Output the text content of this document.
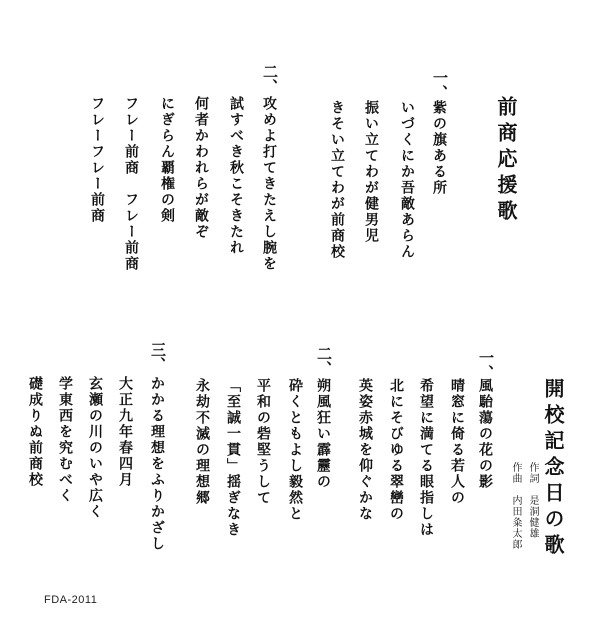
前商応援歌
一、
紫の旗ある所
いづくにか吾敵あらん
振い立てわが健男児
きそい立てわが前商校
二、
攻めよ打てきたえし腕を
試すべき秋こそきたれ
何者かわれらが敵ぞ
にぎらん覇権の剣
フレー前商　フレー前商
フレーフレー前商
開校記念日の歌
作詞　是洞健雄
作曲　内田粂太郎
一、
風駘蕩の花の影
晴窓に倚る若人の
希望に満てる眼指しは
北にそびゆる翠巒の
英姿赤城を仰ぐかな
二、
朔風狂い霹靂の
砕くともよし毅然と
平和の砦堅うして
「至誠一貫」揺ぎなき
永劫不滅の理想郷
三、
かかる理想をふりかざし
大正九年春四月
玄瀬の川のいや広く
学東西を究むべく
礎成りぬ前商校
FDA-2011
